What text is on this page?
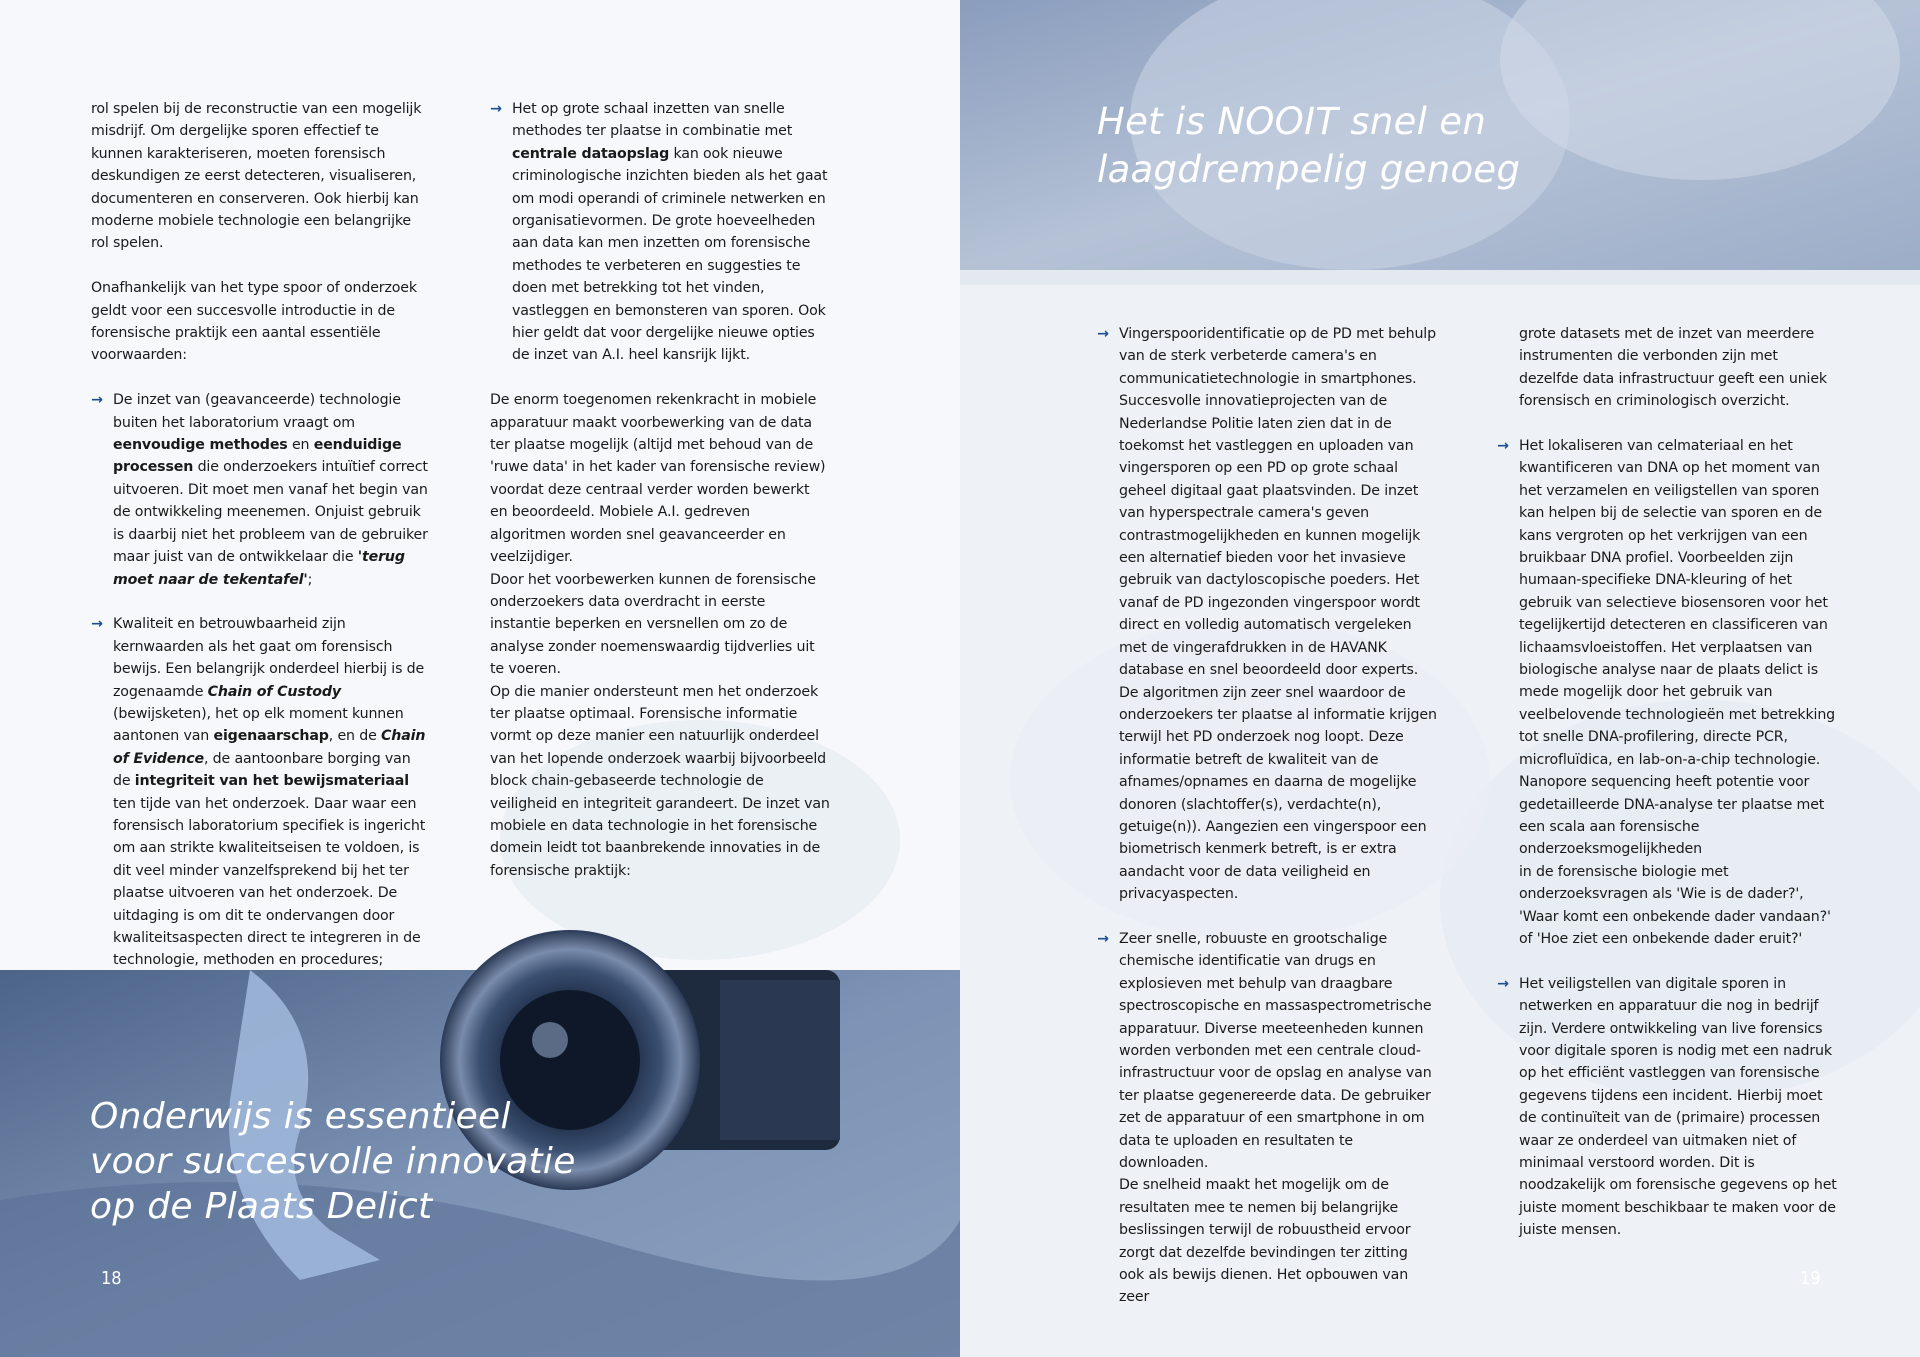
Het is NOOIT snel en
laagdrempelig genoeg
Onderwijs is essentieel
voor succesvolle innovatie
op de Plaats Delict
18	19

rol spelen bij de reconstructie van een mogelijk misdrijf. Om dergelijke sporen effectief te kunnen karakteriseren, moeten forensisch deskundigen ze eerst detecteren, visualiseren, documenteren en conserveren. Ook hierbij kan moderne mobiele technologie een belangrijke rol spelen.

Onafhankelijk van het type spoor of onderzoek geldt voor een succesvolle introductie in de forensische praktijk een aantal essentiële voorwaarden:

→ De inzet van (geavanceerde) technologie buiten het laboratorium vraagt om eenvoudige methodes en eenduidige processen die onderzoekers intuïtief correct uitvoeren. Dit moet men vanaf het begin van de ontwikkeling meenemen. Onjuist gebruik is daarbij niet het probleem van de gebruiker maar juist van de ontwikkelaar die 'terug moet naar de tekentafel';
→ Kwaliteit en betrouwbaarheid zijn kernwaarden als het gaat om forensisch bewijs. Een belangrijk onderdeel hierbij is de zogenaamde Chain of Custody (bewijsketen), het op elk moment kunnen aantonen van eigenaarschap, en de Chain of Evidence, de aantoonbare borging van de integriteit van het bewijsmateriaal ten tijde van het onderzoek. Daar waar een forensisch laboratorium specifiek is ingericht om aan strikte kwaliteitseisen te voldoen, is dit veel minder vanzelfsprekend bij het ter plaatse uitvoeren van het onderzoek. De uitdaging is om dit te ondervangen door kwaliteitsaspecten direct te integreren in de technologie, methoden en procedures;
→ Het op grote schaal inzetten van snelle methodes ter plaatse in combinatie met centrale dataopslag kan ook nieuwe criminologische inzichten bieden als het gaat om modi operandi of criminele netwerken en organisatievormen. De grote hoeveelheden aan data kan men inzetten om forensische methodes te verbeteren en suggesties te doen met betrekking tot het vinden, vastleggen en bemonsteren van sporen. Ook hier geldt dat voor dergelijke nieuwe opties de inzet van A.I. heel kansrijk lijkt.

De enorm toegenomen rekenkracht in mobiele apparatuur maakt voorbewerking van de data ter plaatse mogelijk (altijd met behoud van de 'ruwe data' in het kader van forensische review) voordat deze centraal verder worden bewerkt en beoordeeld. Mobiele A.I. gedreven algoritmen worden snel geavanceerder en veelzijdiger.

Door het voorbewerken kunnen de forensische onderzoekers data overdracht in eerste instantie beperken en versnellen om zo de analyse zonder noemenswaardig tijdverlies uit te voeren.

Op die manier ondersteunt men het onderzoek ter plaatse optimaal. Forensische informatie vormt op deze manier een natuurlijk onderdeel van het lopende onderzoek waarbij bijvoorbeeld block chain-gebaseerde technologie de veiligheid en integriteit garandeert. De inzet van mobiele en data technologie in het forensische domein leidt tot baanbrekende innovaties in de forensische praktijk:

→ Vingerspooridentificatie op de PD met behulp van de sterk verbeterde camera's en communicatietechnologie in smartphones. Succesvolle innovatieprojecten van de Nederlandse Politie laten zien dat in de toekomst het vastleggen en uploaden van vingersporen op een PD op grote schaal geheel digitaal gaat plaatsvinden. De inzet van hyperspectrale camera's geven contrastmogelijkheden en kunnen mogelijk een alternatief bieden voor het invasieve gebruik van dactyloscopische poeders. Het vanaf de PD ingezonden vingerspoor wordt direct en volledig automatisch vergeleken met de vingerafdrukken in de HAVANK database en snel beoordeeld door experts. De algoritmen zijn zeer snel waardoor de onderzoekers ter plaatse al informatie krijgen terwijl het PD onderzoek nog loopt. Deze informatie betreft de kwaliteit van de afnames/opnames en daarna de mogelijke donoren (slachtoffer(s), verdachte(n), getuige(n)). Aangezien een vingerspoor een biometrisch kenmerk betreft, is er extra aandacht voor de data veiligheid en privacyaspecten.
→ Zeer snelle, robuuste en grootschalige chemische identificatie van drugs en explosieven met behulp van draagbare spectroscopische en massaspectrometrische apparatuur. Diverse meeteenheden kunnen worden verbonden met een centrale cloud-infrastructuur voor de opslag en analyse van ter plaatse gegenereerde data. De gebruiker zet de apparatuur of een smartphone in om data te uploaden en resultaten te downloaden.
De snelheid maakt het mogelijk om de resultaten mee te nemen bij belangrijke beslissingen terwijl de robuustheid ervoor zorgt dat dezelfde bevindingen ter zitting ook als bewijs dienen. Het opbouwen van zeer

grote datasets met de inzet van meerdere instrumenten die verbonden zijn met dezelfde data infrastructuur geeft een uniek forensisch en criminologisch overzicht.

→ Het lokaliseren van celmateriaal en het kwantificeren van DNA op het moment van het verzamelen en veiligstellen van sporen kan helpen bij de selectie van sporen en de kans vergroten op het verkrijgen van een bruikbaar DNA profiel. Voorbeelden zijn humaan-specifieke DNA-kleuring of het gebruik van selectieve biosensoren voor het tegelijkertijd detecteren en classificeren van lichaamsvloeistoffen. Het verplaatsen van biologische analyse naar de plaats delict is mede mogelijk door het gebruik van veelbelovende technologieën met betrekking tot snelle DNA-profilering, directe PCR, microfluïdica, en lab-on-a-chip technologie. Nanopore sequencing heeft potentie voor gedetailleerde DNA-analyse ter plaatse met een scala aan forensische onderzoeksmogelijkheden
in de forensische biologie met onderzoeksvragen als 'Wie is de dader?', 'Waar komt een onbekende dader vandaan?' of 'Hoe ziet een onbekende dader eruit?'
→ Het veiligstellen van digitale sporen in netwerken en apparatuur die nog in bedrijf zijn. Verdere ontwikkeling van live forensics voor digitale sporen is nodig met een nadruk op het efficiënt vastleggen van forensische gegevens tijdens een incident. Hierbij moet de continuïteit van de (primaire) processen waar ze onderdeel van uitmaken niet of minimaal verstoord worden. Dit is noodzakelijk om forensische gegevens op het juiste moment beschikbaar te maken voor de juiste mensen.
